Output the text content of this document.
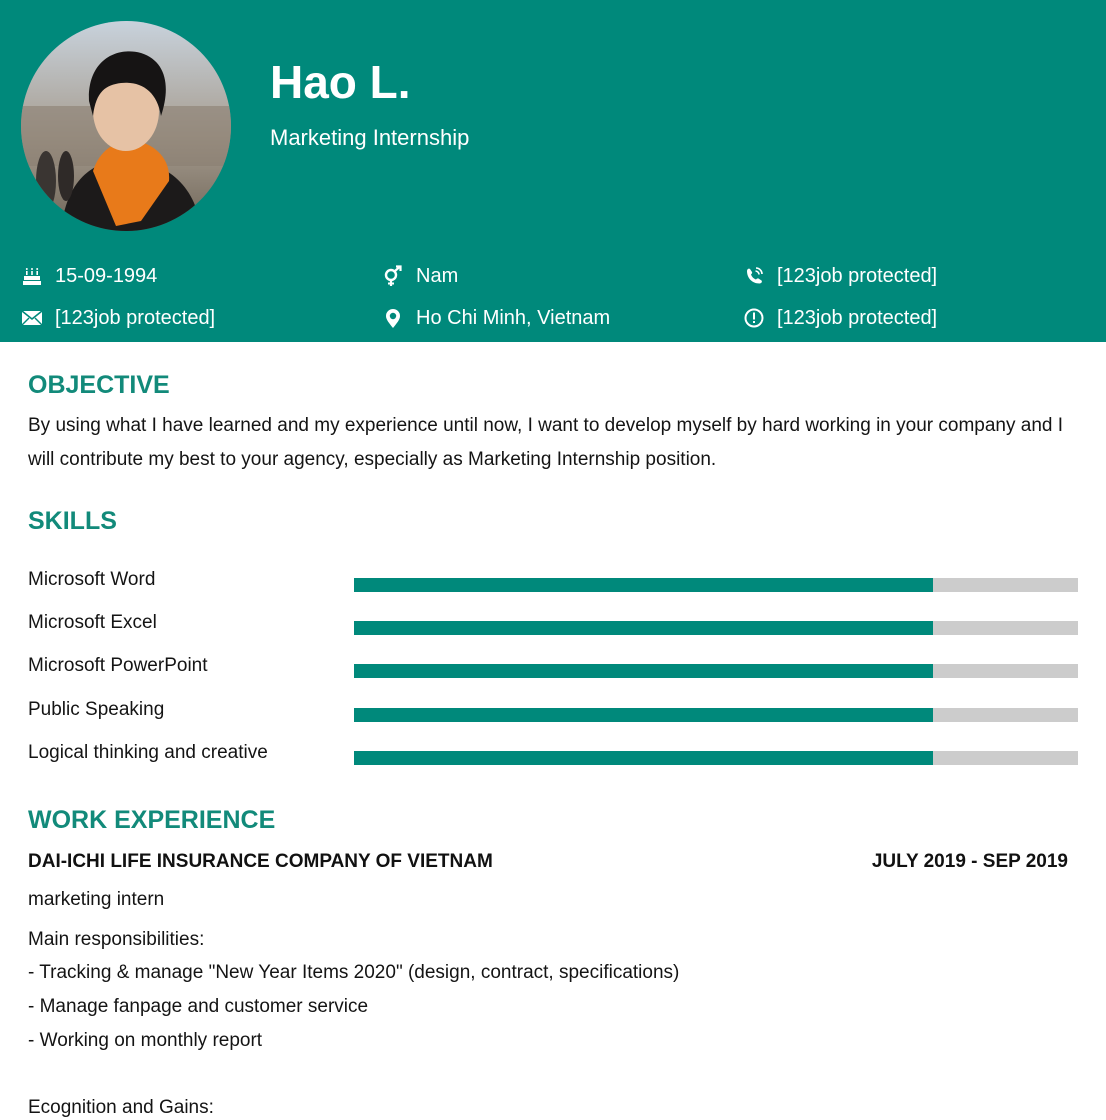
Hao L.
Marketing Internship
15-09-1994	Nam	[123job protected]
[123job protected]	Ho Chi Minh, Vietnam	[123job protected]
OBJECTIVE
By using what I have learned and my experience until now, I want to develop myself by hard working in your company and I will contribute my best to your agency, especially as Marketing Internship position.
SKILLS
Microsoft Word
Microsoft Excel
Microsoft PowerPoint
Public Speaking
Logical thinking and creative
WORK EXPERIENCE
DAI-ICHI LIFE INSURANCE COMPANY OF VIETNAM	JULY 2019 - SEP 2019
marketing intern
Main responsibilities:
- Tracking & manage "New Year Items 2020" (design, contract, specifications)
- Manage fanpage and customer service
- Working on monthly report
Ecognition and Gains:
